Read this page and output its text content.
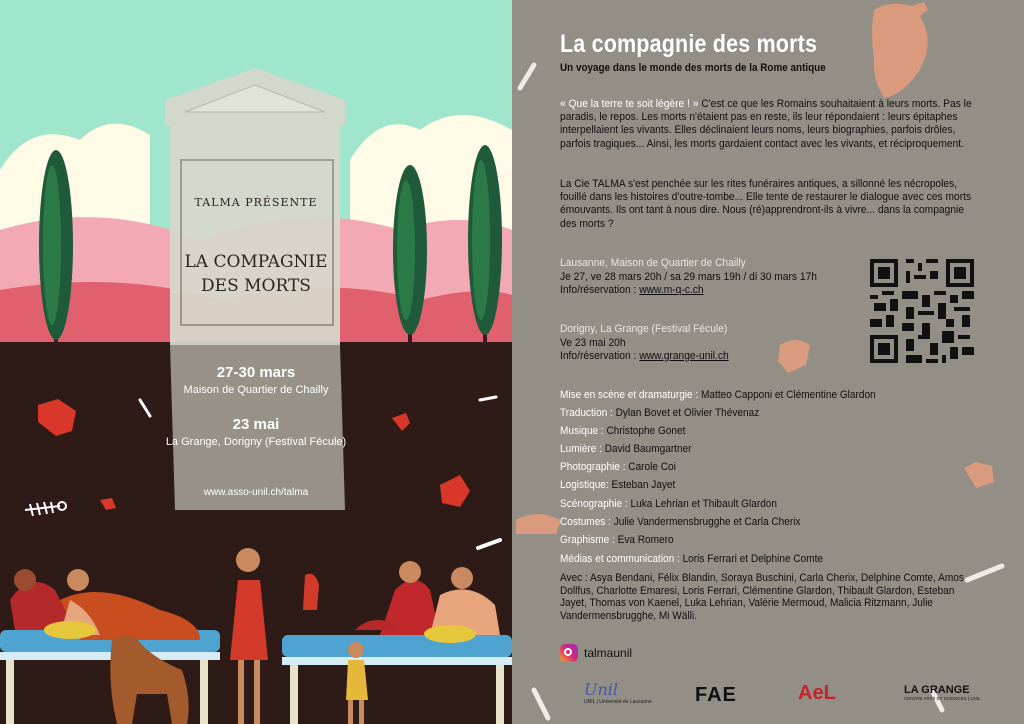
TALMA PRÉSENTE
LA COMPAGNIE
DES MORTS
27-30 mars
Maison de Quartier de Chailly
23 mai
La Grange, Dorigny (Festival Fécule)
www.asso-unil.ch/talma
La compagnie des morts
Un voyage dans le monde des morts de la Rome antique
« Que la terre te soit légère ! » C'est ce que les Romains souhaitaient à leurs morts. Pas le paradis, le repos. Les morts n'étaient pas en reste, ils leur répondaient : leurs épitaphes interpellaient les vivants. Elles déclinaient leurs noms, leurs biographies, parfois drôles, parfois tragiques... Ainsi, les morts gardaient contact avec les vivants, et réciproquement.
La Cie TALMA s'est penchée sur les rites funéraires antiques, a sillonné les nécropoles, fouillé dans les histoires d'outre-tombe... Elle tente de restaurer le dialogue avec ces morts émouvants. Ils ont tant à nous dire. Nous (ré)apprendront-ils à vivre... dans la compagnie des morts ?
Lausanne, Maison de Quartier de Chailly
Je 27, ve 28 mars 20h / sa 29 mars 19h / di 30 mars 17h
Info/réservation : www.m-q-c.ch
Dorigny, La Grange (Festival Fécule)
Ve 23 mai 20h
Info/réservation : www.grange-unil.ch
Mise en scène et dramaturgie : Matteo Capponi et Clémentine Glardon
Traduction : Dylan Bovet et Olivier Thévenaz
Musique : Christophe Gonet
Lumière : David Baumgartner
Photographie : Carole Coi
Logistique: Esteban Jayet
Scénographie : Luka Lehrian et Thibault Glardon
Costumes : Julie Vandermensbrugghe et Carla Cherix
Graphisme : Eva Romero
Médias et communication : Loris Ferrari et Delphine Comte
Avec : Asya Bendani, Félix Blandin, Soraya Buschini, Carla Cherix, Delphine Comte, Amos Dollfus, Charlotte Emaresi, Loris Ferrari, Clémentine Glardon, Thibault Glardon, Esteban Jayet, Thomas von Kaenel, Luka Lehrian, Valérie Mermoud, Malicia Ritzmann, Julie Vandermensbrugghe, Mi Wälli.
talmaunil
Unil
UNIL | Université de Lausanne FAE	AeL	LA GRANGE
CENTRE ARTS ET SCIENCES | UNIL
